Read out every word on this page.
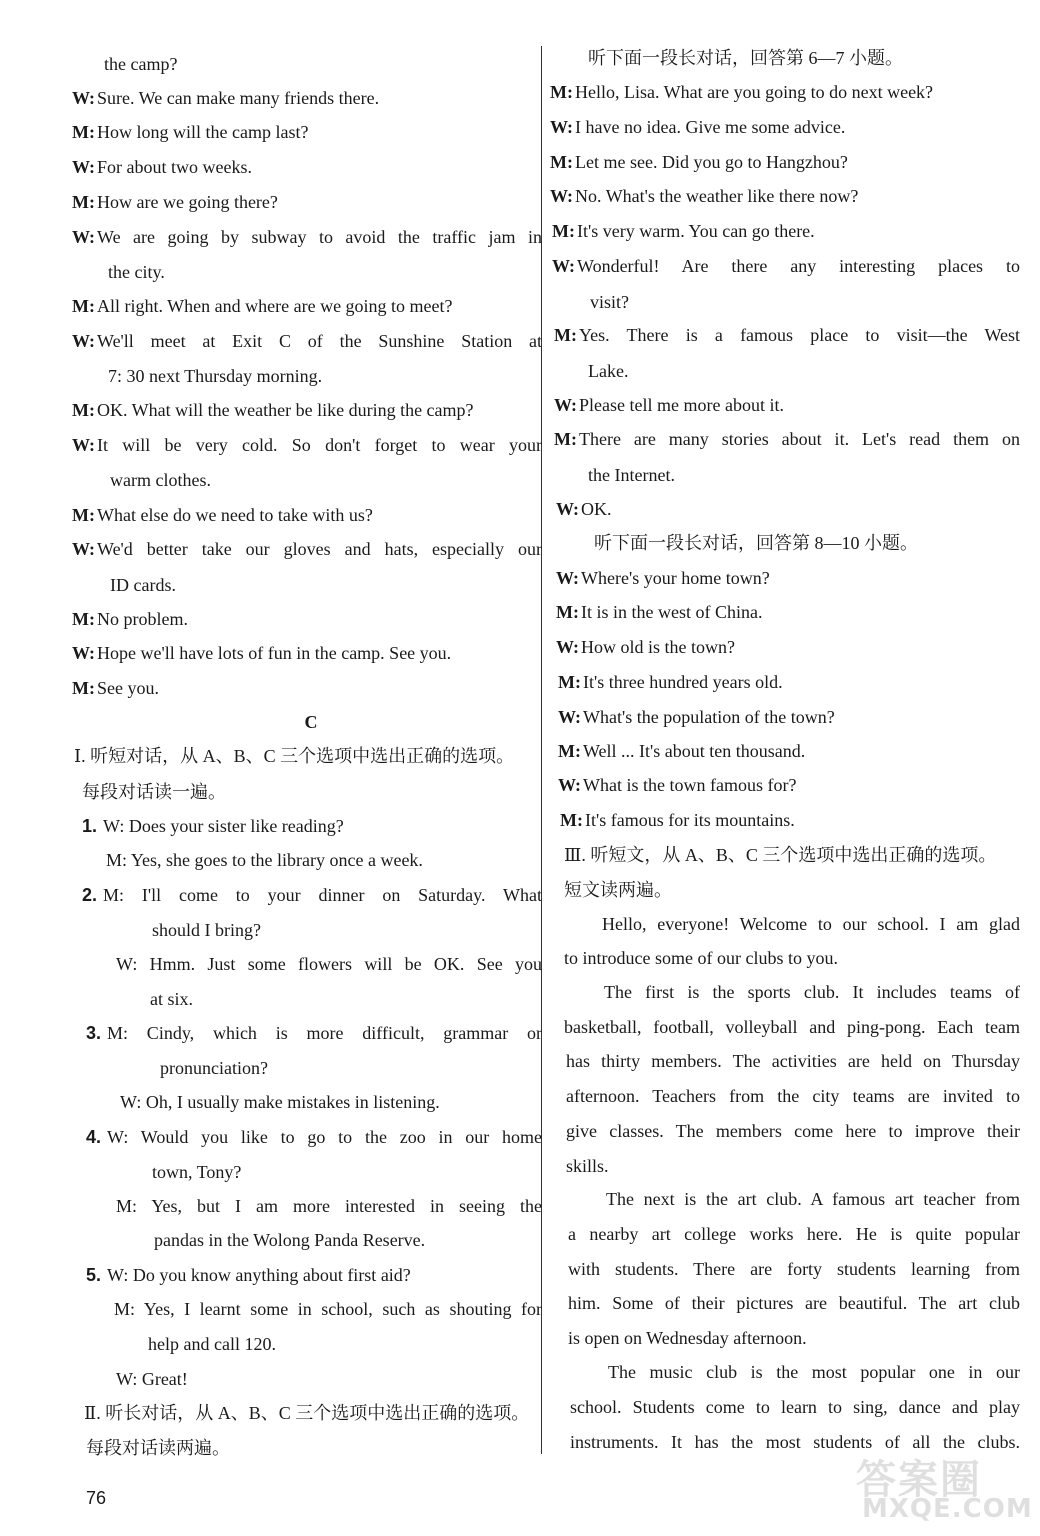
the camp?
W: Sure. We can make many friends there.
M: How long will the camp last?
W: For about two weeks.
M: How are we going there?
W: We are going by subway to avoid the traffic jam in
the city.
M: All right. When and where are we going to meet?
W: We'll meet at Exit C of the Sunshine Station at
7: 30 next Thursday morning.
M: OK. What will the weather be like during the camp?
W: It will be very cold. So don't forget to wear your
warm clothes.
M: What else do we need to take with us?
W: We'd better take our gloves and hats, especially our
ID cards.
M: No problem.
W: Hope we'll have lots of fun in the camp. See you.
M: See you.
C
Ⅰ. 听短对话，从 A、B、C 三个选项中选出正确的选项。
每段对话读一遍。
1. W: Does your sister like reading?
M: Yes, she goes to the library once a week.
2. M: I'll come to your dinner on Saturday. What
should I bring?
W: Hmm. Just some flowers will be OK. See you
at six.
3. M: Cindy, which is more difficult, grammar or
pronunciation?
W: Oh, I usually make mistakes in listening.
4. W: Would you like to go to the zoo in our home
town, Tony?
M: Yes, but I am more interested in seeing the
pandas in the Wolong Panda Reserve.
5. W: Do you know anything about first aid?
M: Yes, I learnt some in school, such as shouting for
help and call 120.
W: Great!
Ⅱ. 听长对话，从 A、B、C 三个选项中选出正确的选项。
每段对话读两遍。
听下面一段长对话，回答第 6—7 小题。
M: Hello, Lisa. What are you going to do next week?
W: I have no idea. Give me some advice.
M: Let me see. Did you go to Hangzhou?
W: No. What's the weather like there now?
M: It's very warm. You can go there.
W: Wonderful! Are there any interesting places to
visit?
M: Yes. There is a famous place to visit—the West
Lake.
W: Please tell me more about it.
M: There are many stories about it. Let's read them on
the Internet.
W: OK.
听下面一段长对话，回答第 8—10 小题。
W: Where's your home town?
M: It is in the west of China.
W: How old is the town?
M: It's three hundred years old.
W: What's the population of the town?
M: Well ... It's about ten thousand.
W: What is the town famous for?
M: It's famous for its mountains.
Ⅲ. 听短文，从 A、B、C 三个选项中选出正确的选项。
短文读两遍。
Hello, everyone! Welcome to our school. I am glad
to introduce some of our clubs to you.
The first is the sports club. It includes teams of
basketball, football, volleyball and ping-pong. Each team
has thirty members. The activities are held on Thursday
afternoon. Teachers from the city teams are invited to
give classes. The members come here to improve their
skills.
The next is the art club. A famous art teacher from
a nearby art college works here. He is quite popular
with students. There are forty students learning from
him. Some of their pictures are beautiful. The art club
is open on Wednesday afternoon.
The music club is the most popular one in our
school. Students come to learn to sing, dance and play
instruments. It has the most students of all the clubs.
76	答案圈
MXQE.COM
